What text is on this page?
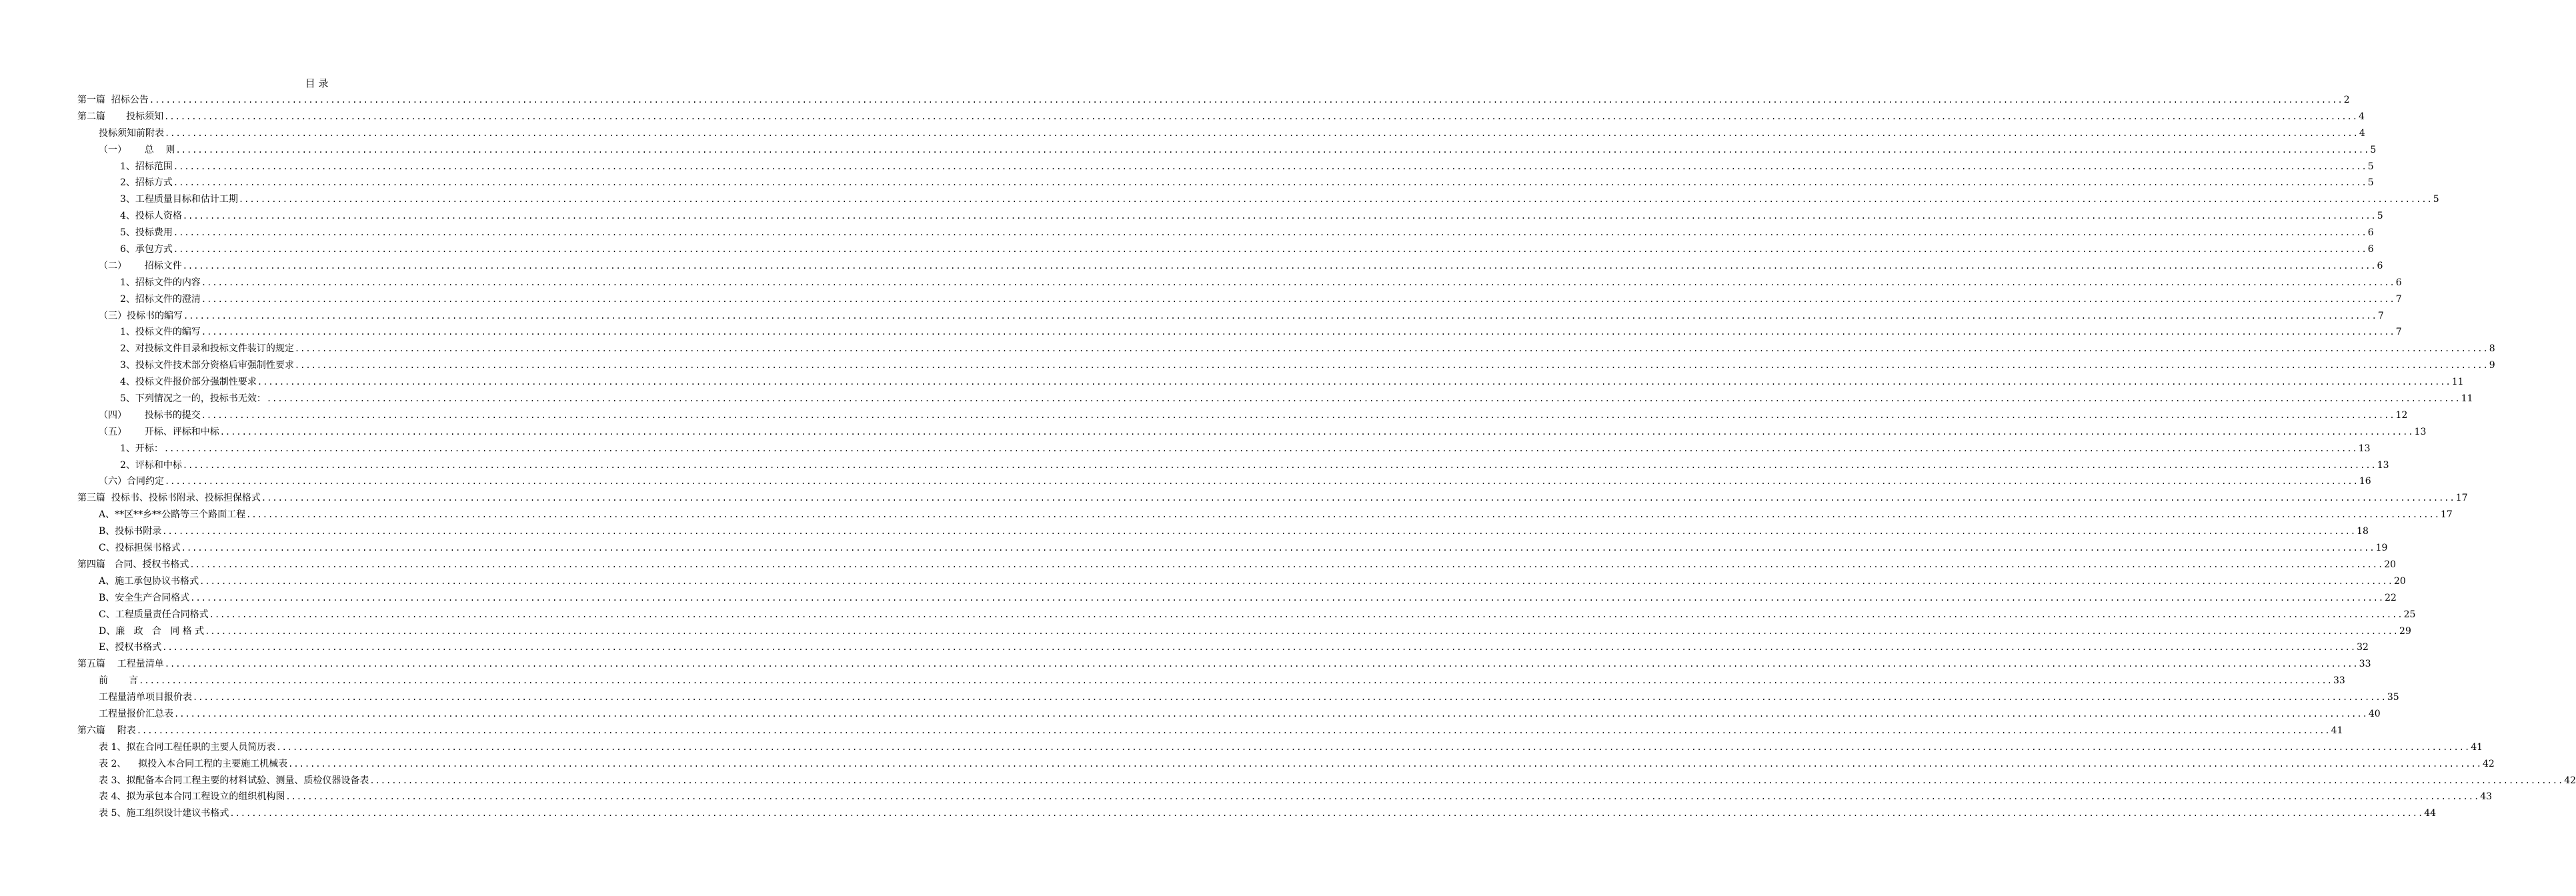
目 录
第一篇  招标公告 ................................................................................................................................................................................................................................................................................................................................................................................................................ 2
第二篇       投标须知 ................................................................................................................................................................................................................................................................................................................................................................................................................ 4
投标须知前附表 ................................................................................................................................................................................................................................................................................................................................................................................................................ 4
（一）      总    则 ................................................................................................................................................................................................................................................................................................................................................................................................................ 5
1、招标范围 ................................................................................................................................................................................................................................................................................................................................................................................................................ 5
2、招标方式 ................................................................................................................................................................................................................................................................................................................................................................................................................ 5
3、工程质量目标和估计工期 ................................................................................................................................................................................................................................................................................................................................................................................................................ 5
4、投标人资格 ................................................................................................................................................................................................................................................................................................................................................................................................................ 5
5、投标费用 ................................................................................................................................................................................................................................................................................................................................................................................................................ 6
6、承包方式 ................................................................................................................................................................................................................................................................................................................................................................................................................ 6
（二）      招标文件 ................................................................................................................................................................................................................................................................................................................................................................................................................ 6
1、招标文件的内容 ................................................................................................................................................................................................................................................................................................................................................................................................................ 6
2、招标文件的澄清 ................................................................................................................................................................................................................................................................................................................................................................................................................ 7
（三）投标书的编写 ................................................................................................................................................................................................................................................................................................................................................................................................................ 7
1、投标文件的编写 ................................................................................................................................................................................................................................................................................................................................................................................................................ 7
2、对投标文件目录和投标文件装订的规定 ................................................................................................................................................................................................................................................................................................................................................................................................................ 8
3、投标文件技术部分资格后审强制性要求 ................................................................................................................................................................................................................................................................................................................................................................................................................ 9
4、投标文件报价部分强制性要求 ................................................................................................................................................................................................................................................................................................................................................................................................................ 11
5、下列情况之一的，投标书无效： ................................................................................................................................................................................................................................................................................................................................................................................................................ 11
（四）      投标书的提交 ................................................................................................................................................................................................................................................................................................................................................................................................................ 12
（五）      开标、评标和中标 ................................................................................................................................................................................................................................................................................................................................................................................................................ 13
1、开标： ................................................................................................................................................................................................................................................................................................................................................................................................................ 13
2、评标和中标 ................................................................................................................................................................................................................................................................................................................................................................................................................ 13
（六）合同约定 ................................................................................................................................................................................................................................................................................................................................................................................................................ 16
第三篇  投标书、投标书附录、投标担保格式 ................................................................................................................................................................................................................................................................................................................................................................................................................ 17
A、**区**乡**公路等三个路面工程 ................................................................................................................................................................................................................................................................................................................................................................................................................ 17
B、投标书附录 ................................................................................................................................................................................................................................................................................................................................................................................................................ 18
C、投标担保书格式 ................................................................................................................................................................................................................................................................................................................................................................................................................ 19
第四篇   合同、授权书格式 ................................................................................................................................................................................................................................................................................................................................................................................................................ 20
A、施工承包协议书格式 ................................................................................................................................................................................................................................................................................................................................................................................................................ 20
B、安全生产合同格式 ................................................................................................................................................................................................................................................................................................................................................................................................................ 22
C、工程质量责任合同格式 ................................................................................................................................................................................................................................................................................................................................................................................................................ 25
D、廉   政   合   同 格 式 ................................................................................................................................................................................................................................................................................................................................................................................................................ 29
E、授权书格式 ................................................................................................................................................................................................................................................................................................................................................................................................................ 32
第五篇    工程量清单 ................................................................................................................................................................................................................................................................................................................................................................................................................ 33
前       言 ................................................................................................................................................................................................................................................................................................................................................................................................................ 33
工程量清单项目报价表 ................................................................................................................................................................................................................................................................................................................................................................................................................ 35
工程量报价汇总表 ................................................................................................................................................................................................................................................................................................................................................................................................................ 40
第六篇    附表 ................................................................................................................................................................................................................................................................................................................................................................................................................ 41
表 1、拟在合同工程任职的主要人员简历表 ................................................................................................................................................................................................................................................................................................................................................................................................................ 41
表 2、    拟投入本合同工程的主要施工机械表 ................................................................................................................................................................................................................................................................................................................................................................................................................ 42
表 3、拟配备本合同工程主要的材料试验、测量、质检仪器设备表 ................................................................................................................................................................................................................................................................................................................................................................................................................ 42
表 4、拟为承包本合同工程设立的组织机构图 ................................................................................................................................................................................................................................................................................................................................................................................................................ 43
表 5、施工组织设计建议书格式 ................................................................................................................................................................................................................................................................................................................................................................................................................ 44
